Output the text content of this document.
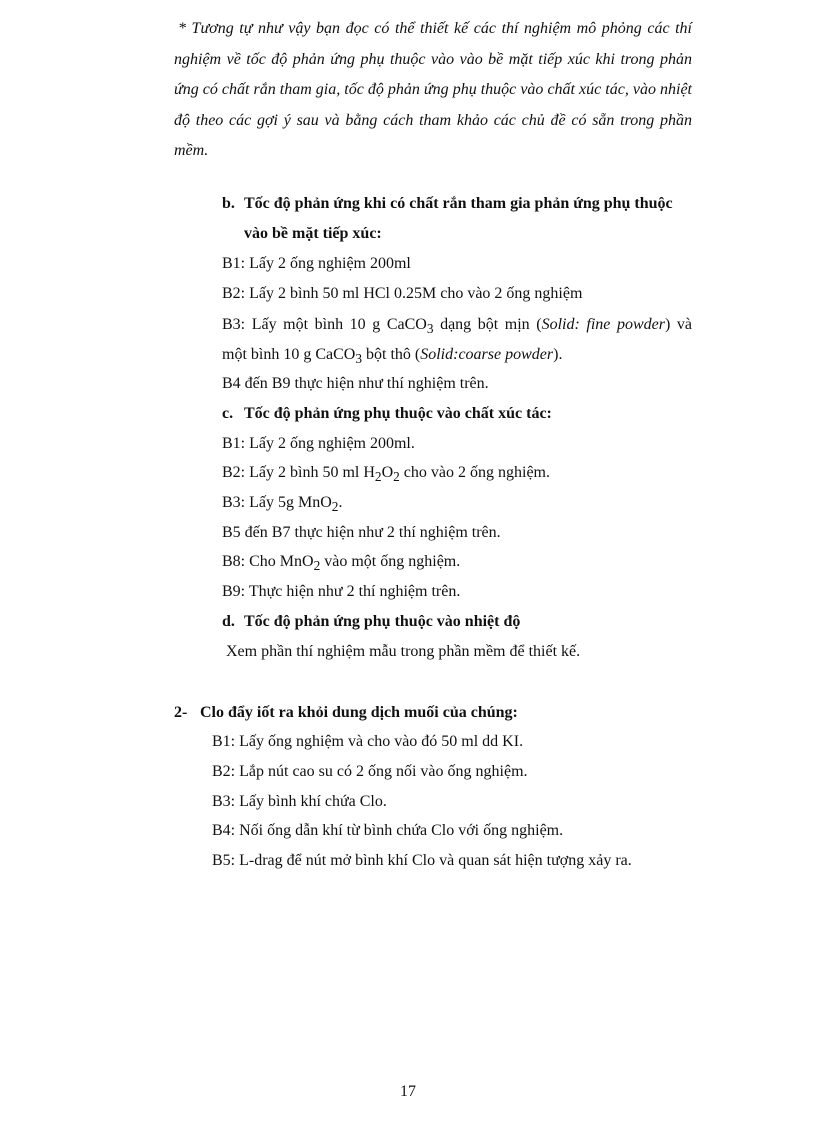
* Tương tự như vậy bạn đọc có thể thiết kế các thí nghiệm mô phỏng các thí nghiệm về tốc độ phản ứng phụ thuộc vào vào bề mặt tiếp xúc khi trong phản ứng có chất rắn tham gia, tốc độ phản ứng phụ thuộc vào chất xúc tác, vào nhiệt độ theo các gợi ý sau và bằng cách tham khảo các chủ đề có sẵn trong phần mềm.

b. Tốc độ phản ứng khi có chất rắn tham gia phản ứng phụ thuộc
vào bề mặt tiếp xúc:
B1: Lấy 2 ống nghiệm 200ml
B2: Lấy 2 bình 50 ml HCl 0.25M cho vào 2 ống nghiệm
B3: Lấy một bình 10 g CaCO$_3$ dạng bột mịn (Solid: fine powder) và
một bình 10 g CaCO$_3$ bột thô (Solid:coarse powder).
B4 đến B9 thực hiện như thí nghiệm trên.
c. Tốc độ phản ứng phụ thuộc vào chất xúc tác:
B1: Lấy 2 ống nghiệm 200ml.
B2: Lấy 2 bình 50 ml $H_2O_2$ cho vào 2 ống nghiệm.
B3: Lấy 5g MnO$_2$.
B5 đến B7 thực hiện như 2 thí nghiệm trên.
B8: Cho MnO$_2$ vào một ống nghiệm.
B9: Thực hiện như 2 thí nghiệm trên.
d. Tốc độ phản ứng phụ thuộc vào nhiệt độ
Xem phần thí nghiệm mẫu trong phần mềm để thiết kế.
2- Clo đẩy iốt ra khỏi dung dịch muối của chúng:
B1: Lấy ống nghiệm và cho vào đó 50 ml dd KI.
B2: Lắp nút cao su có 2 ống nối vào ống nghiệm.
B3: Lấy bình khí chứa Clo.
B4: Nối ống dẫn khí từ bình chứa Clo với ống nghiệm.
B5: L-drag để nút mở bình khí Clo và quan sát hiện tượng xảy ra.
17
